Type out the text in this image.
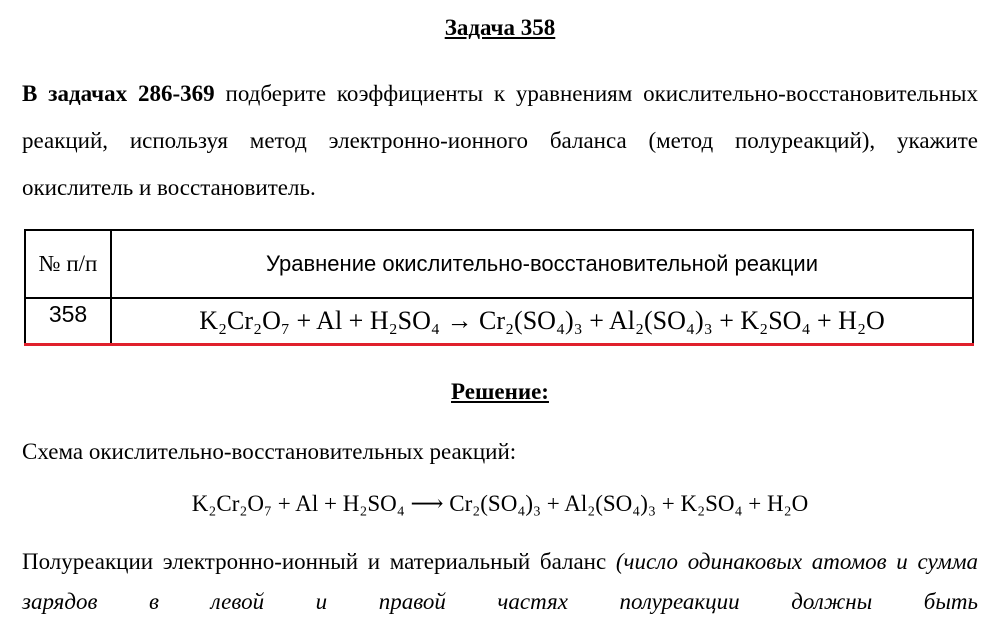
Задача 358
В задачах 286-369 подберите коэффициенты к уравнениям окислительно-восстановительных реакций, используя метод электронно-ионного баланса (метод полуреакций), укажите окислитель и восстановитель.
№ п/п	Уравнение окислительно-восстановительной реакции
358	K₂Cr₂O₇ + Al + H₂SO₄ → Cr₂(SO₄)₃ + Al₂(SO₄)₃ + K₂SO₄ + H₂O
Решение:
Схема окислительно-восстановительных реакций:
K₂Cr₂O₇ + Al + H₂SO₄ ⟶ Cr₂(SO₄)₃ + Al₂(SO₄)₃ + K₂SO₄ + H₂O
Полуреакции электронно-ионный и материальный баланс (число одинаковых атомов и сумма зарядов в левой и правой частях полуреакции должны быть
